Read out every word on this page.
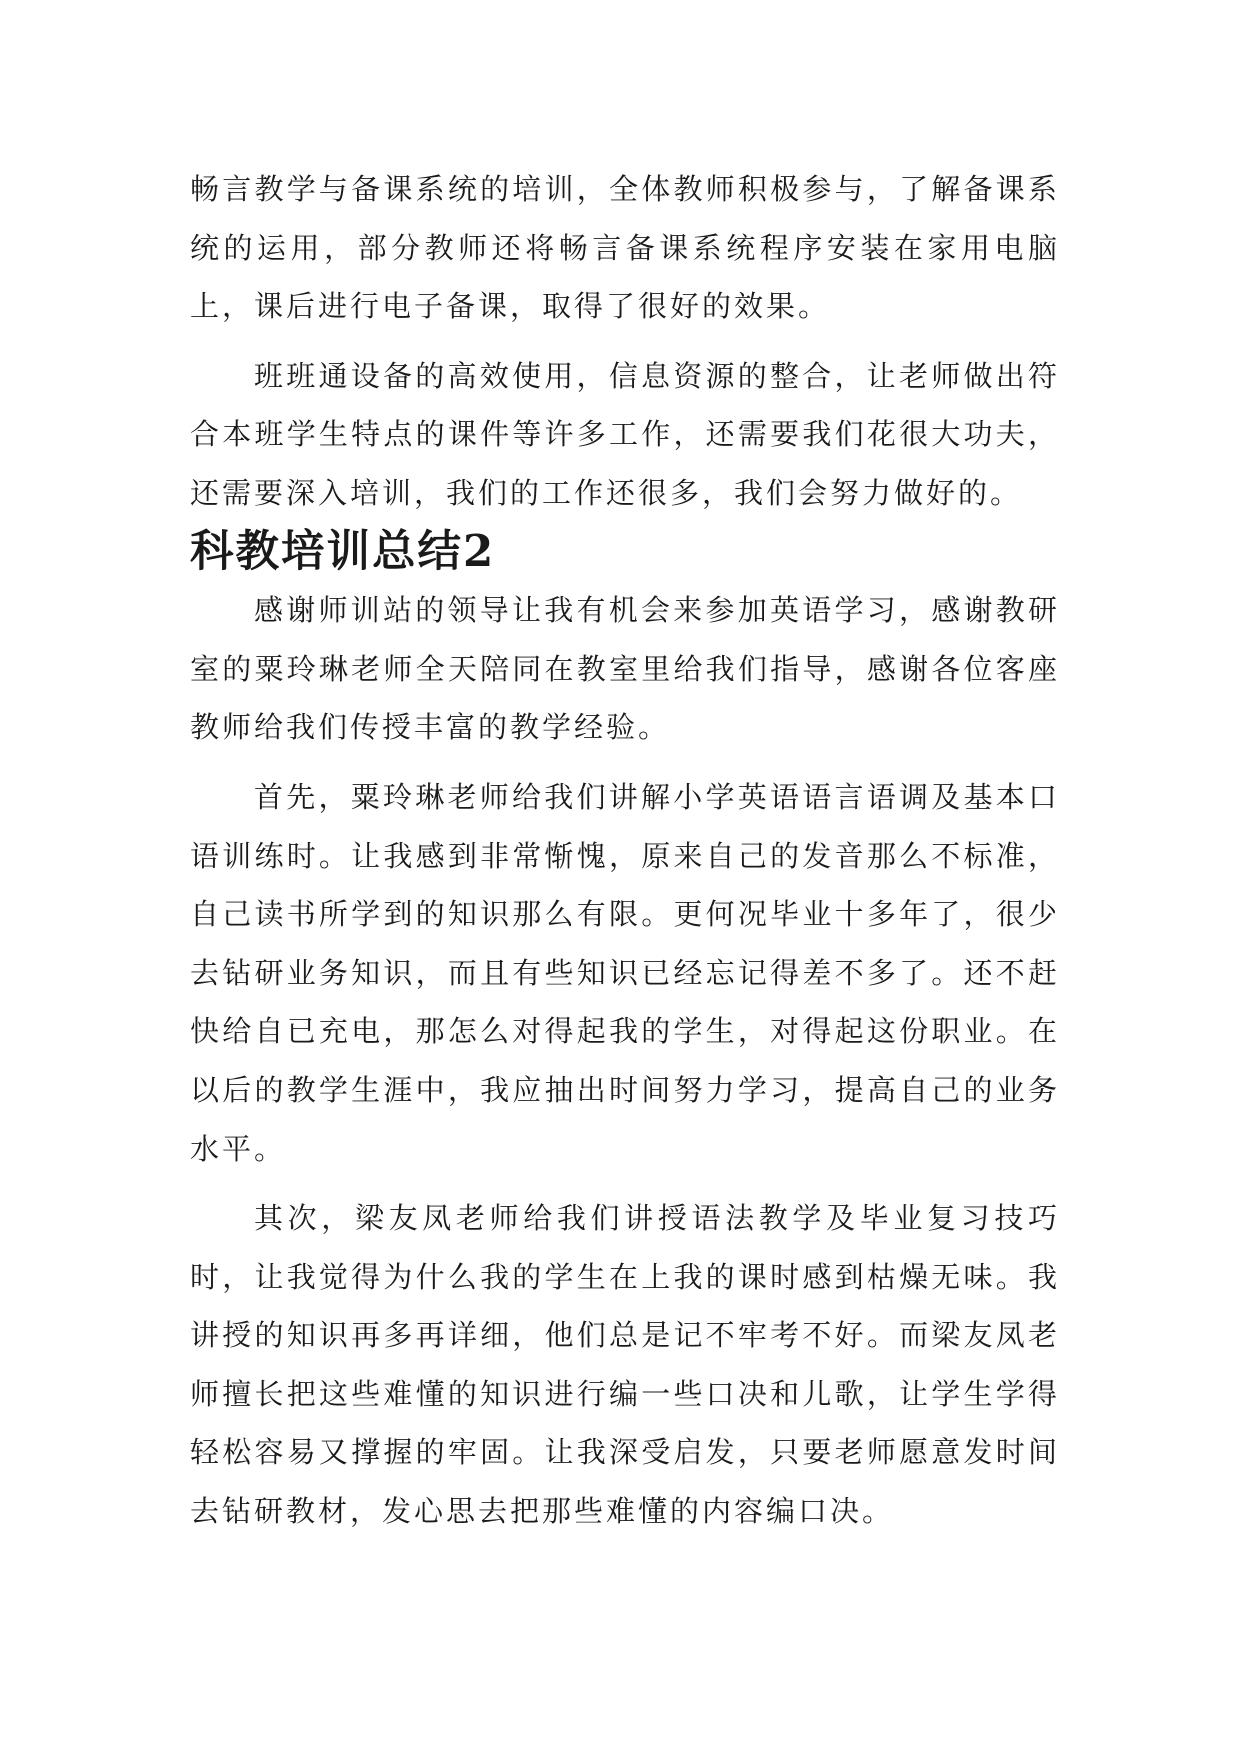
畅言教学与备课系统的培训，全体教师积极参与，了解备课系统的运用，部分教师还将畅言备课系统程序安装在家用电脑上，课后进行电子备课，取得了很好的效果。

班班通设备的高效使用，信息资源的整合，让老师做出符合本班学生特点的课件等许多工作，还需要我们花很大功夫，还需要深入培训，我们的工作还很多，我们会努力做好的。

科教培训总结2

感谢师训站的领导让我有机会来参加英语学习，感谢教研室的粟玲琳老师全天陪同在教室里给我们指导，感谢各位客座教师给我们传授丰富的教学经验。

首先，粟玲琳老师给我们讲解小学英语语言语调及基本口语训练时。让我感到非常惭愧，原来自己的发音那么不标准，自己读书所学到的知识那么有限。更何况毕业十多年了，很少去钻研业务知识，而且有些知识已经忘记得差不多了。还不赶快给自已充电，那怎么对得起我的学生，对得起这份职业。在以后的教学生涯中，我应抽出时间努力学习，提高自己的业务水平。

其次，梁友凤老师给我们讲授语法教学及毕业复习技巧时，让我觉得为什么我的学生在上我的课时感到枯燥无味。我讲授的知识再多再详细，他们总是记不牢考不好。而梁友凤老师擅长把这些难懂的知识进行编一些口决和儿歌，让学生学得轻松容易又撑握的牢固。让我深受启发，只要老师愿意发时间去钻研教材，发心思去把那些难懂的内容编口决。
